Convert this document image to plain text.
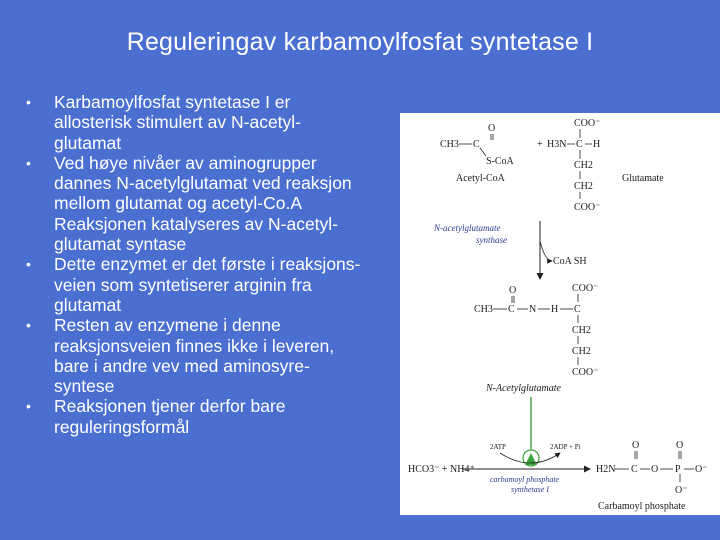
Reguleringav karbamoylfosfat syntetase I
• Karbamoylfosfat syntetase I er
allosterisk stimulert av N-acetyl-
glutamat
• Ved høye nivåer av aminogrupper
dannes N-acetylglutamat ved reaksjon
mellom glutamat og acetyl-Co.A
Reaksjonen katalyseres av N-acetyl-
glutamat syntase
• Dette enzymet er det første i reaksjons-
veien som syntetiserer arginin fra
glutamat
• Resten av enzymene i denne
reaksjonsveien finnes ikke i leveren,
bare i andre vev med aminosyre-
syntese
• Reaksjonen tjener derfor bare
reguleringsformål
O
CH3 C
S-CoA
Acetyl-CoA
COO⁻
+ H3N C H
CH2
CH2
COO⁻
Glutamate
N-acetylglutamate
synthase
CoA SH
O
CH3 C N H C
COO⁻
CH2
CH2
COO⁻
N-Acetylglutamate
2ATP	2ADP + Pi
HCO3⁻ + NH4⁺
carbamoyl phosphate
synthetase I
O	O
H2N C O P O⁻
O⁻
Carbamoyl phosphate
